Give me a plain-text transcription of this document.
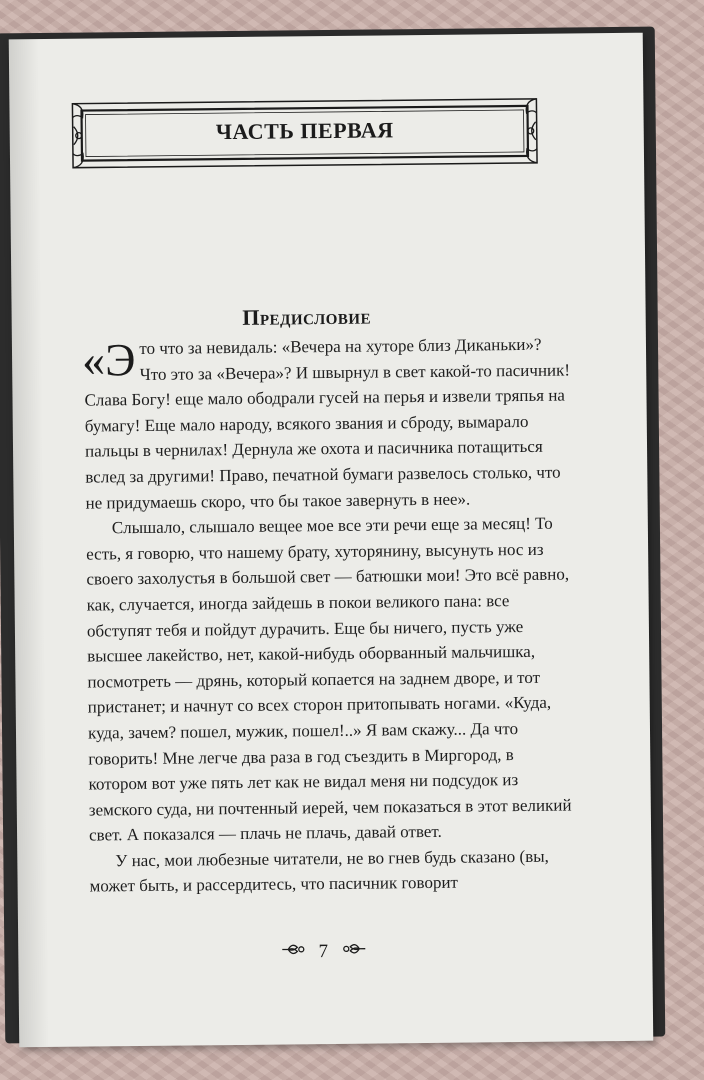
ЧАСТЬ ПЕРВАЯ
Предисловие

«Э то что за невидаль: «Вечера на хуторе близ Диканьки»? Что это за «Вечера»? И швырнул в свет какой-то пасичник! Слава Богу! еще мало ободрали гусей на перья и извели тряпья на бумагу! Еще мало народу, всякого звания и сброду, вымарало пальцы в чернилах! Дернула же охота и пасичника потащиться вслед за другими! Право, печатной бумаги развелось столько, что не придумаешь скоро, что бы такое завернуть в нее».

Слышало, слышало вещее мое все эти речи еще за месяц! То есть, я говорю, что нашему брату, хуторянину, высунуть нос из своего захолустья в большой свет — батюшки мои! Это всё равно, как, случается, иногда зайдешь в покои великого пана: все обступят тебя и пойдут дурачить. Еще бы ничего, пусть уже высшее лакейство, нет, какой-нибудь оборванный мальчишка, посмотреть — дрянь, который копается на заднем дворе, и тот пристанет; и начнут со всех сторон притопывать ногами. «Куда, куда, зачем? пошел, мужик, пошел!..» Я вам скажу... Да что говорить! Мне легче два раза в год съездить в Миргород, в котором вот уже пять лет как не видал меня ни подсудок из земского суда, ни почтенный иерей, чем показаться в этот великий свет. А показался — плачь не плачь, давай ответ.

У нас, мои любезные читатели, не во гнев будь сказано (вы, может быть, и рассердитесь, что пасичник говорит

7
